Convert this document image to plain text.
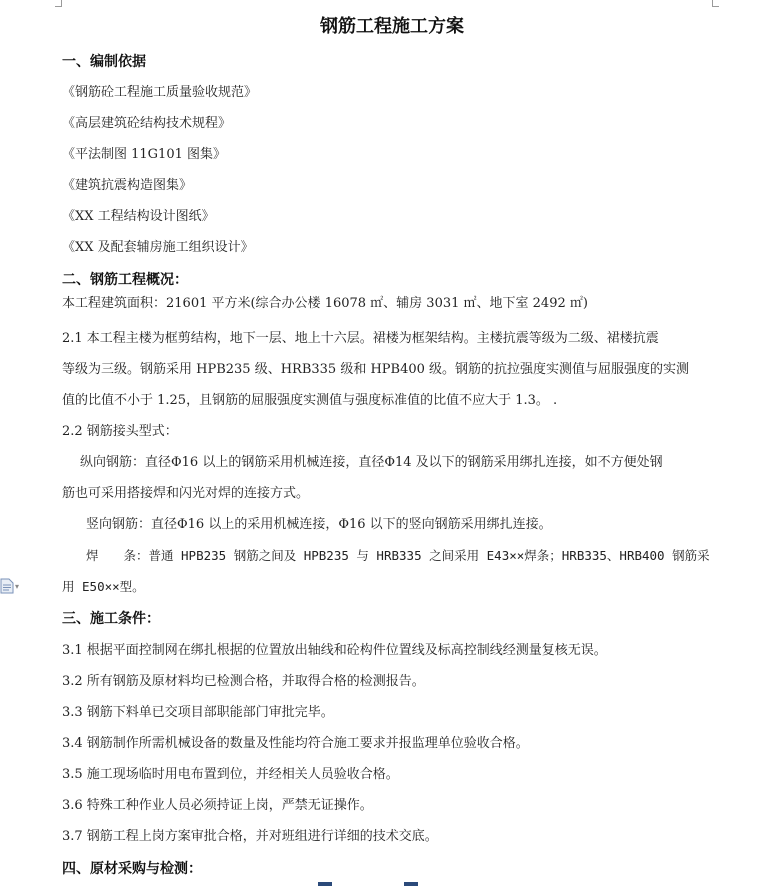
▾
钢筋工程施工方案
一、编制依据
《钢筋砼工程施工质量验收规范》
《高层建筑砼结构技术规程》
《平法制图 11G101 图集》
《建筑抗震构造图集》
《XX 工程结构设计图纸》
《XX 及配套辅房施工组织设计》
二、钢筋工程概况：
本工程建筑面积：21601 平方米(综合办公楼 16078 ㎡、辅房 3031 ㎡、地下室 2492 ㎡)
2.1 本工程主楼为框剪结构，地下一层、地上十六层。裙楼为框架结构。主楼抗震等级为二级、裙楼抗震
等级为三级。钢筋采用 HPB235 级、HRB335 级和 HPB400 级。钢筋的抗拉强度实测值与屈服强度的实测
值的比值不小于 1.25，且钢筋的屈服强度实测值与强度标准值的比值不应大于 1.3。 .
2.2 钢筋接头型式：
纵向钢筋：直径Φ16 以上的钢筋采用机械连接，直径Φ14 及以下的钢筋采用绑扎连接，如不方便处钢
筋也可采用搭接焊和闪光对焊的连接方式。
竖向钢筋：直径Φ16 以上的采用机械连接，Φ16 以下的竖向钢筋采用绑扎连接。
焊　　条：普通 HPB235 钢筋之间及 HPB235 与 HRB335 之间采用 E43××焊条；HRB335、HRB400 钢筋采
用 E50××型。
三、施工条件：
3.1 根据平面控制网在绑扎根据的位置放出轴线和砼构件位置线及标高控制线经测量复核无误。
3.2 所有钢筋及原材料均已检测合格，并取得合格的检测报告。
3.3 钢筋下料单已交项目部职能部门审批完毕。
3.4 钢筋制作所需机械设备的数量及性能均符合施工要求并报监理单位验收合格。
3.5 施工现场临时用电布置到位，并经相关人员验收合格。
3.6 特殊工种作业人员必须持证上岗，严禁无证操作。
3.7 钢筋工程上岗方案审批合格，并对班组进行详细的技术交底。
四、原材采购与检测：
